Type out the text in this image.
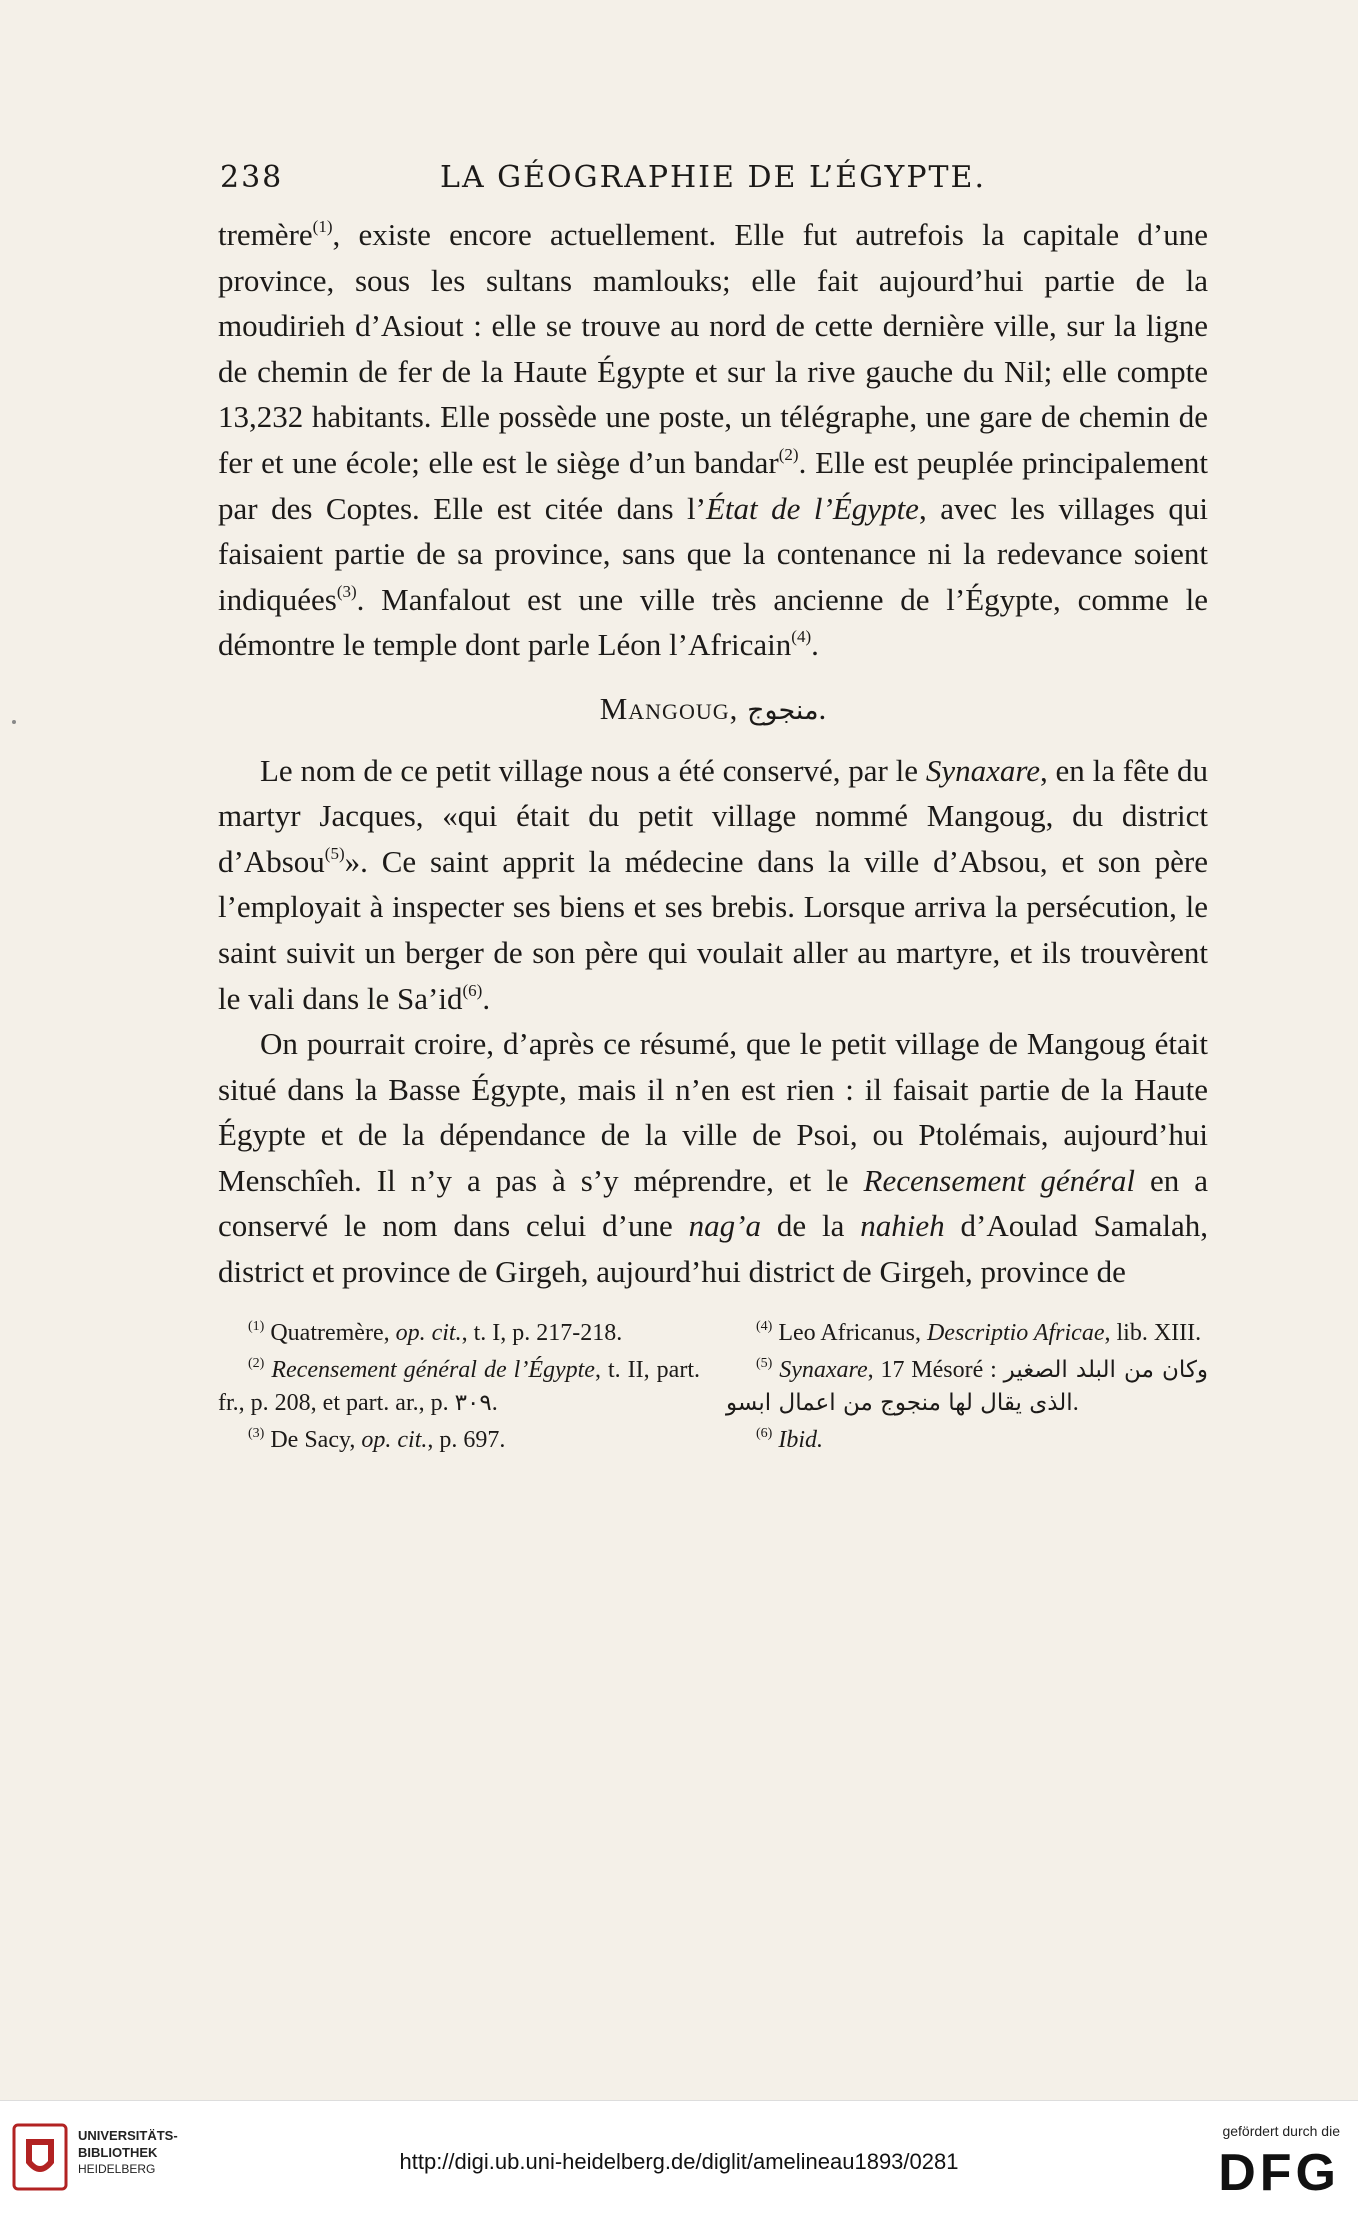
238	LA GÉOGRAPHIE DE L’ÉGYPTE.

tremère$^{(1)}$, existe encore actuellement. Elle fut autrefois la capitale d’une province, sous les sultans mamlouks; elle fait aujourd’hui partie de la moudirieh d’Asiout : elle se trouve au nord de cette dernière ville, sur la ligne de chemin de fer de la Haute Égypte et sur la rive gauche du Nil; elle compte 13,232 habitants. Elle possède une poste, un télégraphe, une gare de chemin de fer et une école; elle est le siège d’un bandar$^{(2)}$. Elle est peuplée principalement par des Coptes. Elle est citée dans l’État de l’Égypte, avec les villages qui faisaient partie de sa province, sans que la contenance ni la redevance soient indiquées$^{(3)}$. Manfalout est une ville très ancienne de l’Égypte, comme le démontre le temple dont parle Léon l’Africain$^{(4)}$.

Mangoug, منجوج.

Le nom de ce petit village nous a été conservé, par le Synaxare, en la fête du martyr Jacques, «qui était du petit village nommé Mangoug, du district d’Absou$^{(5)}$». Ce saint apprit la médecine dans la ville d’Absou, et son père l’employait à inspecter ses biens et ses brebis. Lorsque arriva la persécution, le saint suivit un berger de son père qui voulait aller au martyre, et ils trouvèrent le vali dans le $Sa’id^{(6)}$.

On pourrait croire, d’après ce résumé, que le petit village de Mangoug était situé dans la Basse Égypte, mais il n’en est rien : il faisait partie de la Haute Égypte et de la dépendance de la ville de Psoi, ou Ptolémais, aujourd’hui Menschîeh. Il n’y a pas à s’y méprendre, et le Recensement général en a conservé le nom dans celui d’une nag’a de la nahieh d’Aoulad Samalah, district et province de Girgeh, aujourd’hui district de Girgeh, province de

$^{(1)}$ Quatremère, op. cit., t. I, p. 217-218.

$^{(2)}$ Recensement général de l’Égypte, t. II, part. fr., p. 208, et part. ar., p. ٣٠٩.

$^{(3)}$ De Sacy, op. cit., p. 697.

$^{(4)}$ Leo Africanus, Descriptio Africae, lib. XIII.

$^{(5)}$ Synaxare, 17 Mésoré : وكان من البلد الصغير الذى يقال لها منجوج من اعمال ابسو.

$^{(6)}$ Ibid.

UNIVERSITÄTS-
BIBLIOTHEK
HEIDELBERG	http://digi.ub.uni-heidelberg.de/diglit/amelineau1893/0281
gefördert durch die
DFG
